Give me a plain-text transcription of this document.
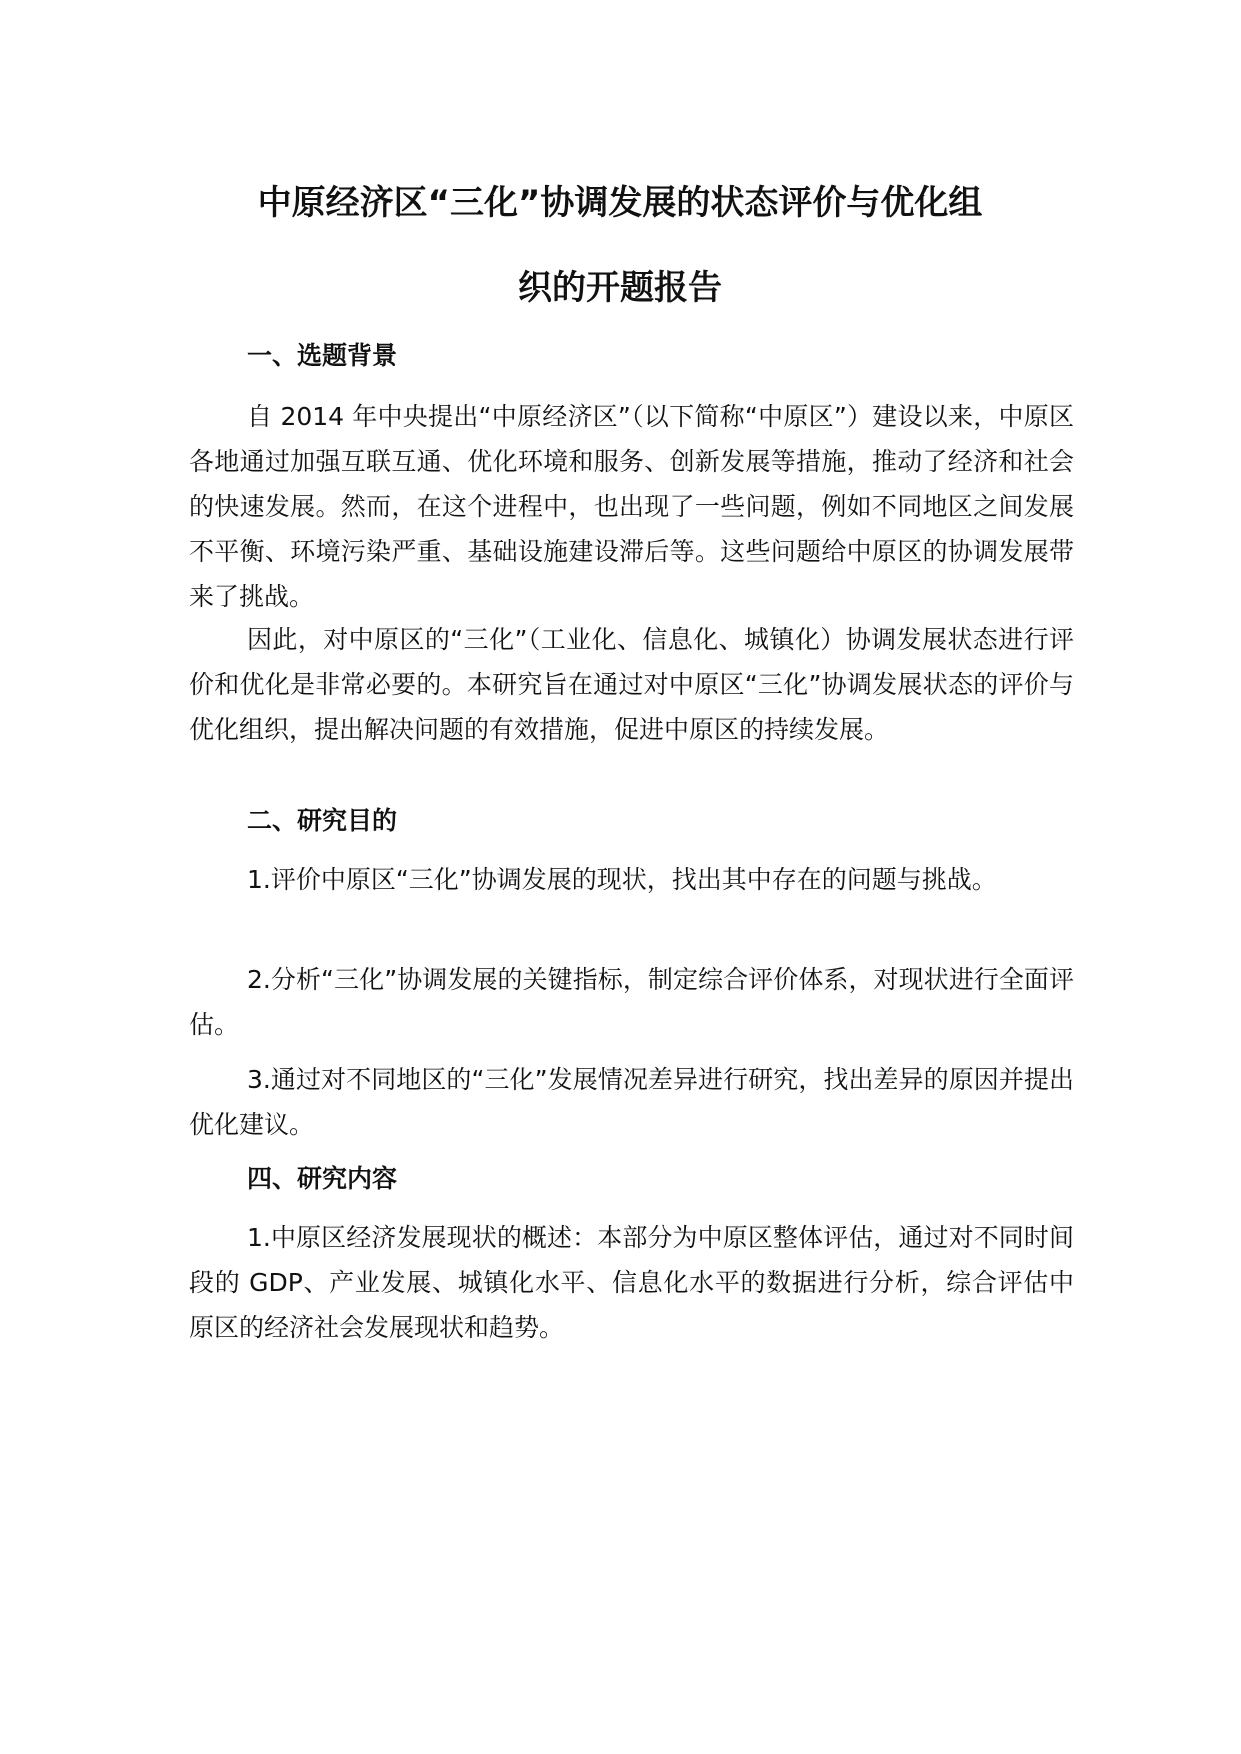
中原经济区“三化”协调发展的状态评价与优化组
织的开题报告
一、选题背景

自 2014 年中央提出“中原经济区”（以下简称“中原区”）建设以来，中原区各地通过加强互联互通、优化环境和服务、创新发展等措施，推动了经济和社会的快速发展。然而，在这个进程中，也出现了一些问题，例如不同地区之间发展不平衡、环境污染严重、基础设施建设滞后等。这些问题给中原区的协调发展带来了挑战。

因此，对中原区的“三化”（工业化、信息化、城镇化）协调发展状态进行评价和优化是非常必要的。本研究旨在通过对中原区“三化”协调发展状态的评价与优化组织，提出解决问题的有效措施，促进中原区的持续发展。

二、研究目的

1.评价中原区“三化”协调发展的现状，找出其中存在的问题与挑战。

2.分析“三化”协调发展的关键指标，制定综合评价体系，对现状进行全面评估。

3.通过对不同地区的“三化”发展情况差异进行研究，找出差异的原因并提出优化建议。

四、研究内容

1.中原区经济发展现状的概述：本部分为中原区整体评估，通过对不同时间段的 GDP、产业发展、城镇化水平、信息化水平的数据进行分析，综合评估中原区的经济社会发展现状和趋势。
